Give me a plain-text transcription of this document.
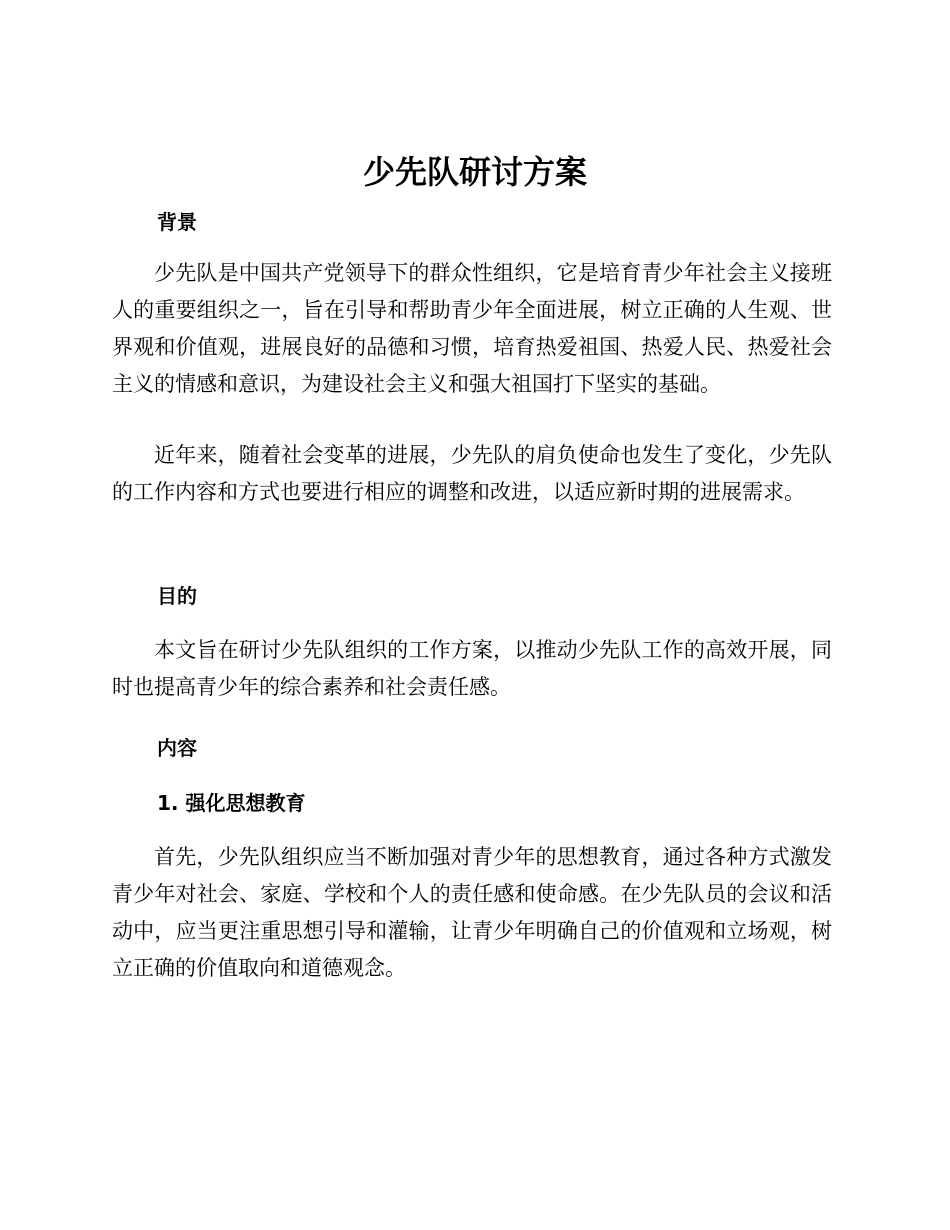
少先队研讨方案
背景

少先队是中国共产党领导下的群众性组织，它是培育青少年社会主义接班人的重要组织之一，旨在引导和帮助青少年全面进展，树立正确的人生观、世界观和价值观，进展良好的品德和习惯，培育热爱祖国、热爱人民、热爱社会主义的情感和意识，为建设社会主义和强大祖国打下坚实的基础。

近年来，随着社会变革的进展，少先队的肩负使命也发生了变化，少先队的工作内容和方式也要进行相应的调整和改进，以适应新时期的进展需求。

目的

本文旨在研讨少先队组织的工作方案，以推动少先队工作的高效开展，同时也提高青少年的综合素养和社会责任感。

内容
1. 强化思想教育

首先，少先队组织应当不断加强对青少年的思想教育，通过各种方式激发青少年对社会、家庭、学校和个人的责任感和使命感。在少先队员的会议和活动中，应当更注重思想引导和灌输，让青少年明确自己的价值观和立场观，树立正确的价值取向和道德观念。
